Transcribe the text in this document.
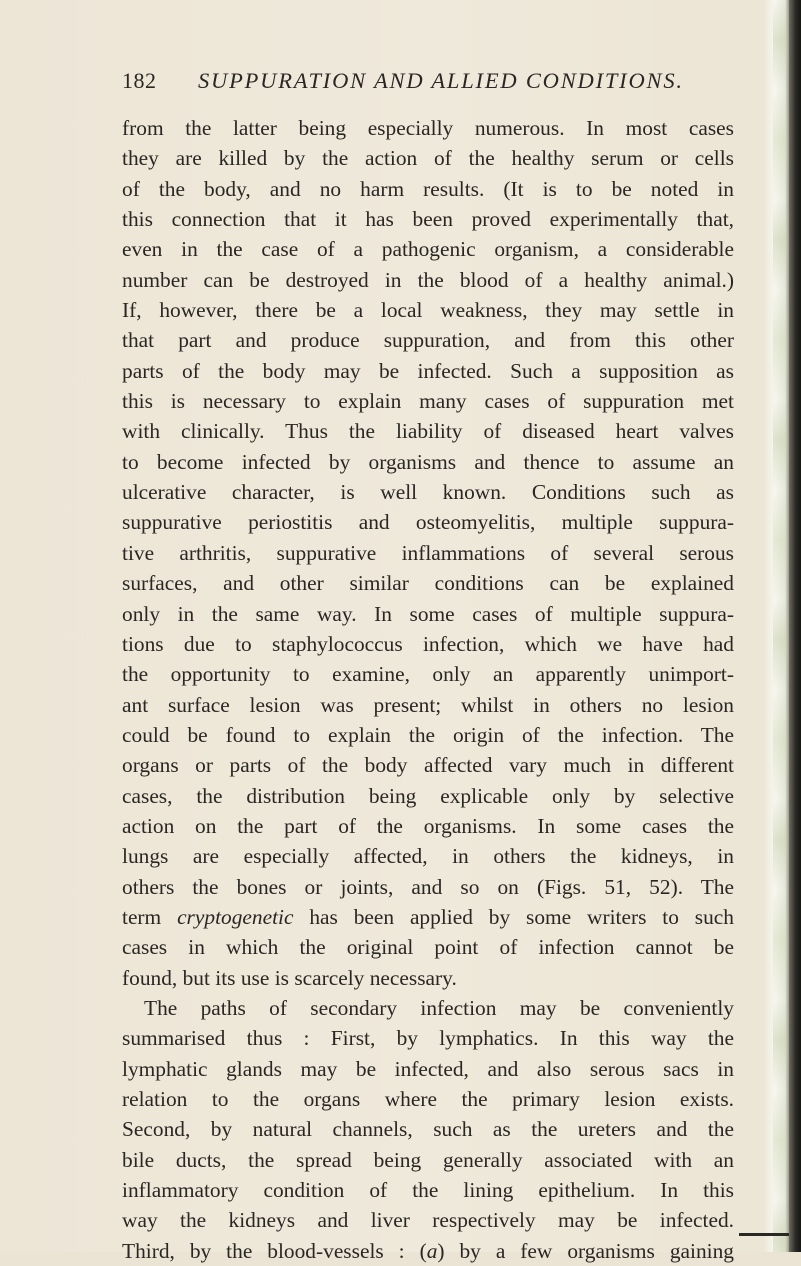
182 SUPPURATION AND ALLIED CONDITIONS.
from the latter being especially numerous. In most cases
they are killed by the action of the healthy serum or cells
of the body, and no harm results. (It is to be noted in
this connection that it has been proved experimentally that,
even in the case of a pathogenic organism, a considerable
number can be destroyed in the blood of a healthy animal.)
If, however, there be a local weakness, they may settle in
that part and produce suppuration, and from this other
parts of the body may be infected. Such a supposition as
this is necessary to explain many cases of suppuration met
with clinically. Thus the liability of diseased heart valves
to become infected by organisms and thence to assume an
ulcerative character, is well known. Conditions such as
suppurative periostitis and osteomyelitis, multiple suppura-
tive arthritis, suppurative inflammations of several serous
surfaces, and other similar conditions can be explained
only in the same way. In some cases of multiple suppura-
tions due to staphylococcus infection, which we have had
the opportunity to examine, only an apparently unimport-
ant surface lesion was present; whilst in others no lesion
could be found to explain the origin of the infection. The
organs or parts of the body affected vary much in different
cases, the distribution being explicable only by selective
action on the part of the organisms. In some cases the
lungs are especially affected, in others the kidneys, in
others the bones or joints, and so on (Figs. 51, 52). The
term cryptogenetic has been applied by some writers to such
cases in which the original point of infection cannot be
found, but its use is scarcely necessary.
The paths of secondary infection may be conveniently
summarised thus : First, by lymphatics. In this way the
lymphatic glands may be infected, and also serous sacs in
relation to the organs where the primary lesion exists.
Second, by natural channels, such as the ureters and the
bile ducts, the spread being generally associated with an
inflammatory condition of the lining epithelium. In this
way the kidneys and liver respectively may be infected.
Third, by the blood-vessels : (a) by a few organisms gaining
